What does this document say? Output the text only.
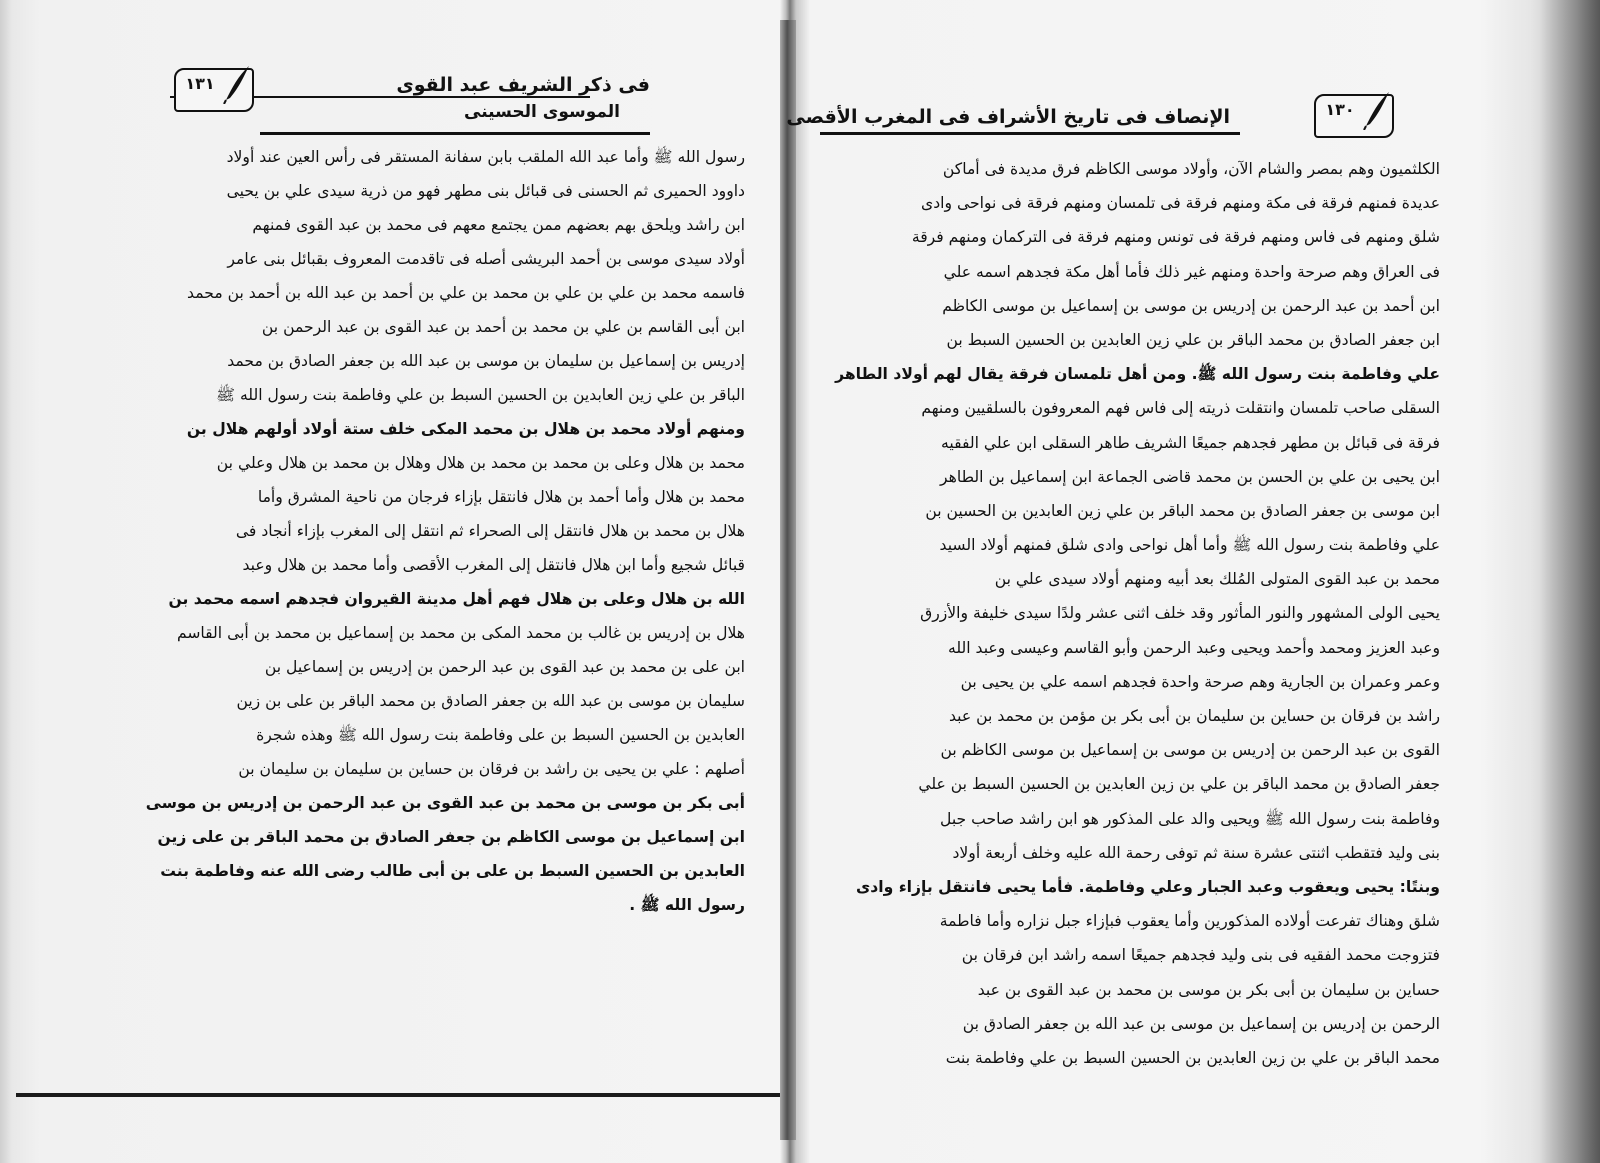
فى ذكر الشريف عبد القوى
الموسوى الحسينى
١٣١
رسول الله ﷺ وأما عبد الله الملقب بابن سفانة المستقر فى رأس العين عند أولاد
داوود الحميرى ثم الحسنى فى قبائل بنى مطهر فهو من ذرية سيدى علي بن يحيى
ابن راشد ويلحق بهم بعضهم ممن يجتمع معهم فى محمد بن عبد القوى فمنهم
أولاد سيدى موسى بن أحمد البريشى أصله فى تاقدمت المعروف بقبائل بنى عامر
فاسمه محمد بن علي بن علي بن محمد بن علي بن أحمد بن عبد الله بن أحمد بن محمد
ابن أبى القاسم بن علي بن محمد بن أحمد بن عبد القوى بن عبد الرحمن بن
إدريس بن إسماعيل بن سليمان بن موسى بن عبد الله بن جعفر الصادق بن محمد
الباقر بن علي زين العابدين بن الحسين السبط بن علي وفاطمة بنت رسول الله ﷺ
ومنهم أولاد محمد بن هلال بن محمد المكى خلف ستة أولاد أولهم هلال بن
محمد بن هلال وعلى بن محمد بن محمد بن هلال وهلال بن محمد بن هلال وعلي بن
محمد بن هلال وأما أحمد بن هلال فانتقل بإزاء فرجان من ناحية المشرق وأما
هلال بن محمد بن هلال فانتقل إلى الصحراء ثم انتقل إلى المغرب بإزاء أنجاد فى
قبائل شجيع وأما ابن هلال فانتقل إلى المغرب الأقصى وأما محمد بن هلال وعبد
الله بن هلال وعلى بن هلال فهم أهل مدينة القيروان فجدهم اسمه محمد بن
هلال بن إدريس بن غالب بن محمد المكى بن محمد بن إسماعيل بن محمد بن أبى القاسم
ابن على بن محمد بن عبد القوى بن عبد الرحمن بن إدريس بن إسماعيل بن
سليمان بن موسى بن عبد الله بن جعفر الصادق بن محمد الباقر بن على بن زين
العابدين بن الحسين السبط بن على وفاطمة بنت رسول الله ﷺ وهذه شجرة
أصلهم : علي بن يحيى بن راشد بن فرقان بن حساين بن سليمان بن سليمان بن
أبى بكر بن موسى بن محمد بن عبد القوى بن عبد الرحمن بن إدريس بن موسى
ابن إسماعيل بن موسى الكاظم بن جعفر الصادق بن محمد الباقر بن على زين
العابدين بن الحسين السبط بن على بن أبى طالب رضى الله عنه وفاطمة بنت
رسول الله ﷺ .
الإنصاف فى تاريخ الأشراف فى المغرب الأقصى	١٣٠
الكلثميون وهم بمصر والشام الآن، وأولاد موسى الكاظم فرق مديدة فى أماكن
عديدة فمنهم فرقة فى مكة ومنهم فرقة فى تلمسان ومنهم فرقة فى نواحى وادى
شلق ومنهم فى فاس ومنهم فرقة فى تونس ومنهم فرقة فى التركمان ومنهم فرقة
فى العراق وهم صرحة واحدة ومنهم غير ذلك فأما أهل مكة فجدهم اسمه علي
ابن أحمد بن عبد الرحمن بن إدريس بن موسى بن إسماعيل بن موسى الكاظم
ابن جعفر الصادق بن محمد الباقر بن علي زين العابدين بن الحسين السبط بن
علي وفاطمة بنت رسول الله ﷺ. ومن أهل تلمسان فرقة يقال لهم أولاد الطاهر
السقلى صاحب تلمسان وانتقلت ذريته إلى فاس فهم المعروفون بالسلقيين ومنهم
فرقة فى قبائل بن مطهر فجدهم جميعًا الشريف طاهر السقلى ابن علي الفقيه
ابن يحيى بن علي بن الحسن بن محمد قاضى الجماعة ابن إسماعيل بن الطاهر
ابن موسى بن جعفر الصادق بن محمد الباقر بن علي زين العابدين بن الحسين بن
علي وفاطمة بنت رسول الله ﷺ وأما أهل نواحى وادى شلق فمنهم أولاد السيد
محمد بن عبد القوى المتولى المُلك بعد أبيه ومنهم أولاد سيدى علي بن
يحيى الولى المشهور والنور المأثور وقد خلف اثنى عشر ولدًا سيدى خليفة والأزرق
وعبد العزيز ومحمد وأحمد ويحيى وعبد الرحمن وأبو القاسم وعيسى وعبد الله
وعمر وعمران بن الجارية وهم صرحة واحدة فجدهم اسمه علي بن يحيى بن
راشد بن فرقان بن حساين بن سليمان بن أبى بكر بن مؤمن بن محمد بن عبد
القوى بن عبد الرحمن بن إدريس بن موسى بن إسماعيل بن موسى الكاظم بن
جعفر الصادق بن محمد الباقر بن علي بن زين العابدين بن الحسين السبط بن علي
وفاطمة بنت رسول الله ﷺ ويحيى والد على المذكور هو ابن راشد صاحب جبل
بنى وليد فتقطب اثنتى عشرة سنة ثم توفى رحمة الله عليه وخلف أربعة أولاد
وبنتًا: يحيى ويعقوب وعبد الجبار وعلي وفاطمة. فأما يحيى فانتقل بإزاء وادى
شلق وهناك تفرعت أولاده المذكورين وأما يعقوب فبإزاء جبل نزاره وأما فاطمة
فتزوجت محمد الفقيه فى بنى وليد فجدهم جميعًا اسمه راشد ابن فرقان بن
حساين بن سليمان بن أبى بكر بن موسى بن محمد بن عبد القوى بن عبد
الرحمن بن إدريس بن إسماعيل بن موسى بن عبد الله بن جعفر الصادق بن
محمد الباقر بن علي بن زين العابدين بن الحسين السبط بن علي وفاطمة بنت
